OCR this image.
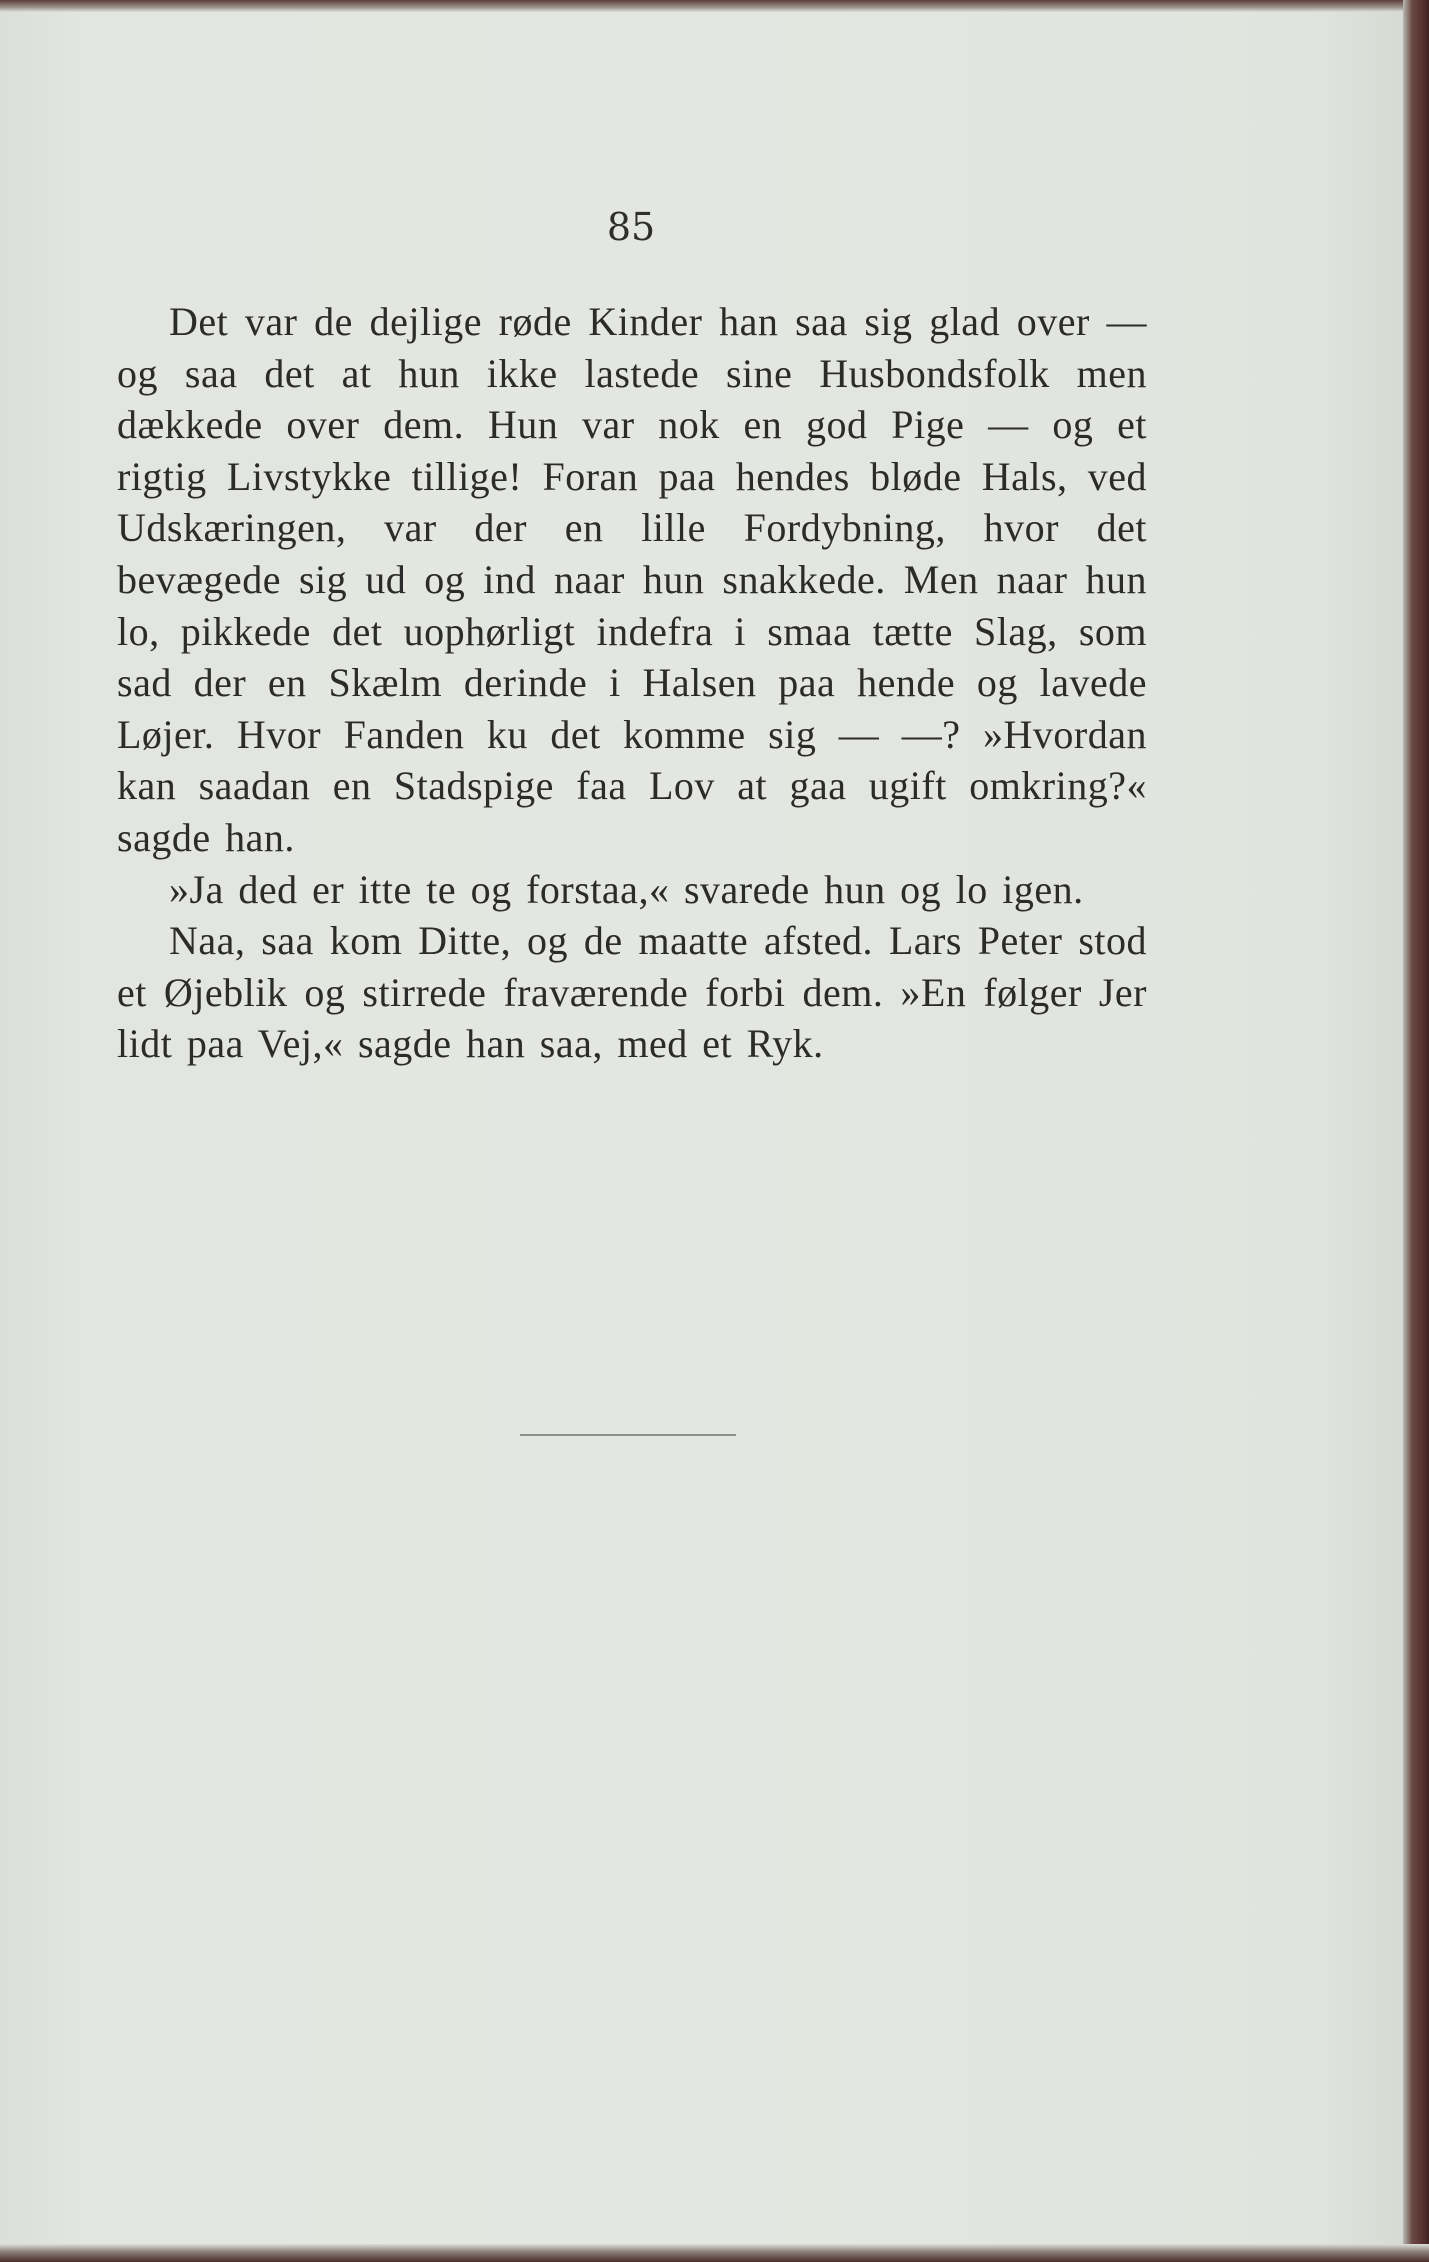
85

Det var de dejlige røde Kinder han saa sig glad over — og saa det at hun ikke lastede sine Husbondsfolk men dækkede over dem. Hun var nok en god Pige — og et rigtig Livstykke tillige! Foran paa hendes bløde Hals, ved Udskæringen, var der en lille Fordybning, hvor det bevægede sig ud og ind naar hun snakkede. Men naar hun lo, pikkede det uophørligt indefra i smaa tætte Slag, som sad der en Skælm derinde i Halsen paa hende og lavede Løjer. Hvor Fanden ku det komme sig — —? »Hvordan kan saadan en Stadspige faa Lov at gaa ugift omkring?« sagde han.

»Ja ded er itte te og forstaa,« svarede hun og lo igen.

Naa, saa kom Ditte, og de maatte afsted. Lars Peter stod et Øjeblik og stirrede fraværende forbi dem. »En følger Jer lidt paa Vej,« sagde han saa, med et Ryk.
